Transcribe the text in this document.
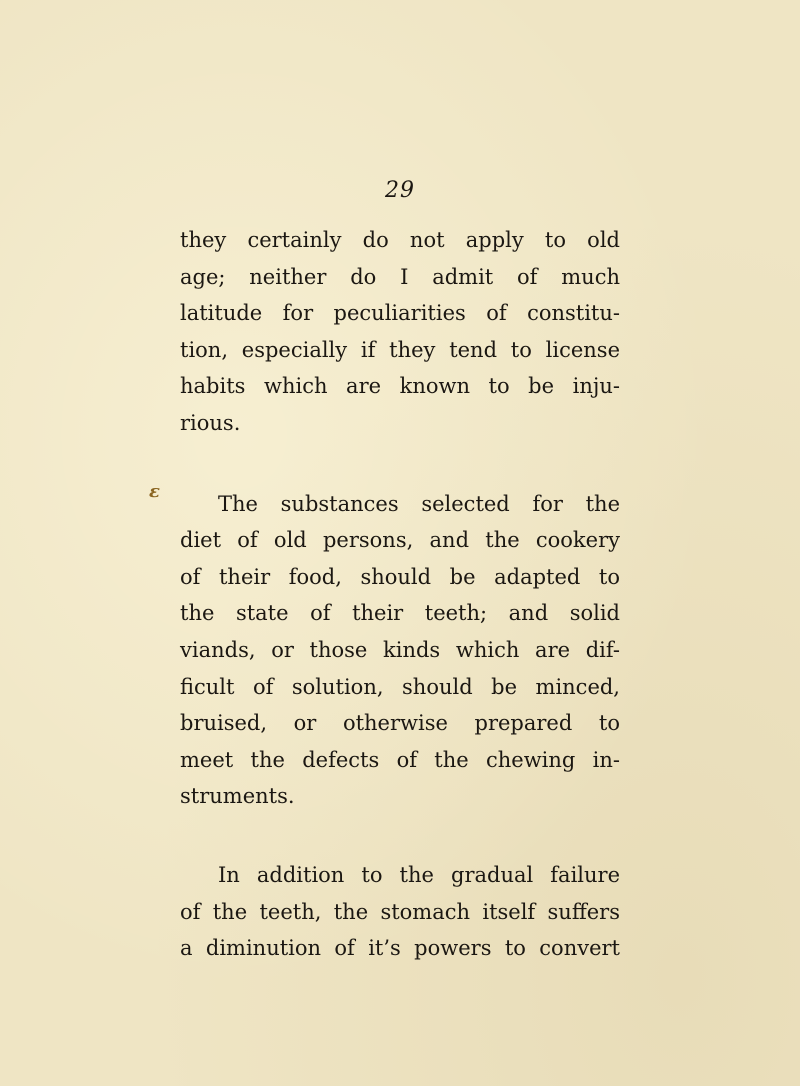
29
ɛ
they certainly do not apply to old
age; neither do I admit of much
latitude for peculiarities of constitu-
tion, especially if they tend to license
habits which are known to be inju-
rious.
The substances selected for the
diet of old persons, and the cookery
of their food, should be adapted to
the state of their teeth; and solid
viands, or those kinds which are dif-
ficult of solution, should be minced,
bruised, or otherwise prepared to
meet the defects of the chewing in-
struments.
In addition to the gradual failure
of the teeth, the stomach itself suffers
a diminution of it’s powers to convert
